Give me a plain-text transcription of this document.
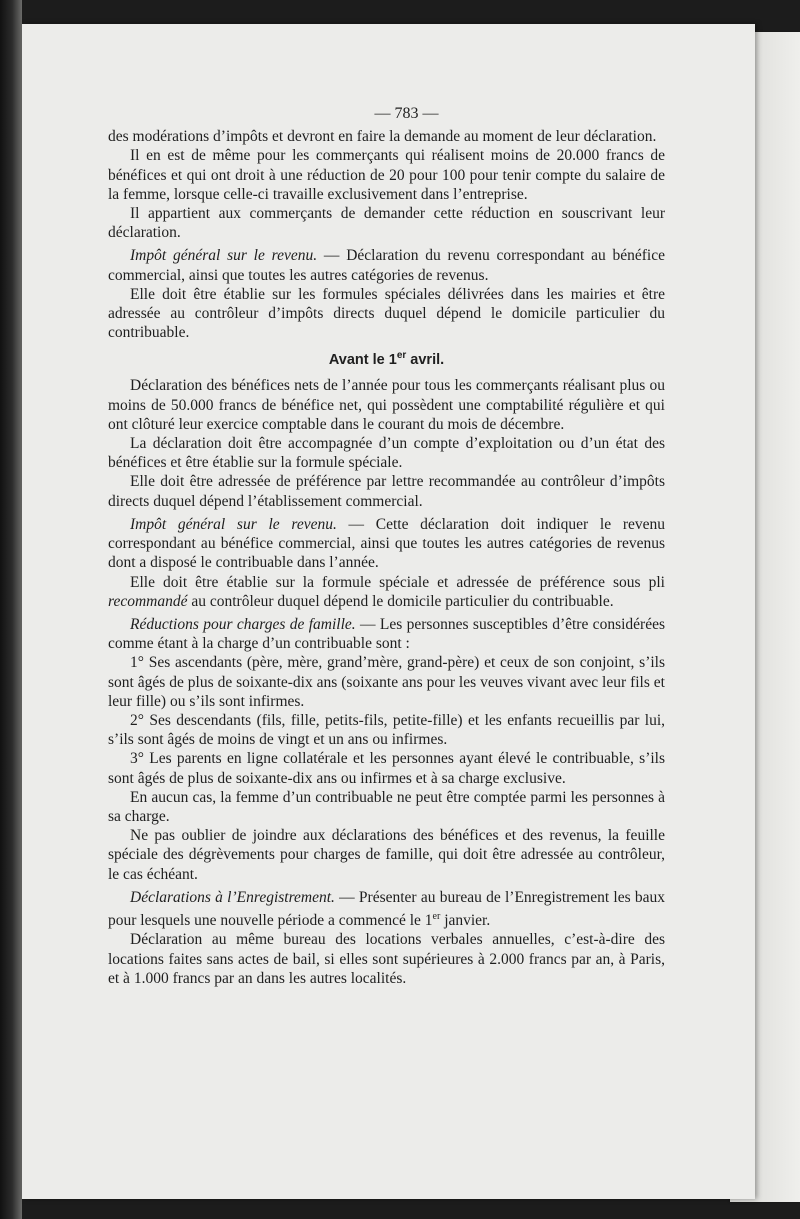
— 783 —

des modérations d’impôts et devront en faire la demande au moment de leur déclaration.

Il en est de même pour les commerçants qui réalisent moins de 20.000 francs de bénéfices et qui ont droit à une réduction de 20 pour 100 pour tenir compte du salaire de la femme, lorsque celle-ci travaille exclusivement dans l’entreprise.

Il appartient aux commerçants de demander cette réduction en souscrivant leur déclaration.

Impôt général sur le revenu. — Déclaration du revenu correspondant au bénéfice commercial, ainsi que toutes les autres catégories de revenus.

Elle doit être établie sur les formules spéciales délivrées dans les mairies et être adressée au contrôleur d’impôts directs duquel dépend le domicile particulier du contribuable.

Avant le 1er avril.

Déclaration des bénéfices nets de l’année pour tous les commerçants réalisant plus ou moins de 50.000 francs de bénéfice net, qui possèdent une comptabilité régulière et qui ont clôturé leur exercice comptable dans le courant du mois de décembre.

La déclaration doit être accompagnée d’un compte d’exploitation ou d’un état des bénéfices et être établie sur la formule spéciale.

Elle doit être adressée de préférence par lettre recommandée au contrôleur d’impôts directs duquel dépend l’établissement commercial.

Impôt général sur le revenu. — Cette déclaration doit indiquer le revenu correspondant au bénéfice commercial, ainsi que toutes les autres catégories de revenus dont a disposé le contribuable dans l’année.

Elle doit être établie sur la formule spéciale et adressée de préférence sous pli recommandé au contrôleur duquel dépend le domicile particulier du contribuable.

Réductions pour charges de famille. — Les personnes susceptibles d’être considérées comme étant à la charge d’un contribuable sont :

1° Ses ascendants (père, mère, grand’mère, grand-père) et ceux de son conjoint, s’ils sont âgés de plus de soixante-dix ans (soixante ans pour les veuves vivant avec leur fils et leur fille) ou s’ils sont infirmes.

2° Ses descendants (fils, fille, petits-fils, petite-fille) et les enfants recueillis par lui, s’ils sont âgés de moins de vingt et un ans ou infirmes.

3° Les parents en ligne collatérale et les personnes ayant élevé le contribuable, s’ils sont âgés de plus de soixante-dix ans ou infirmes et à sa charge exclusive.

En aucun cas, la femme d’un contribuable ne peut être comptée parmi les personnes à sa charge.

Ne pas oublier de joindre aux déclarations des bénéfices et des revenus, la feuille spéciale des dégrèvements pour charges de famille, qui doit être adressée au contrôleur, le cas échéant.

Déclarations à l’Enregistrement. — Présenter au bureau de l’Enregistrement les baux pour lesquels une nouvelle période a commencé le 1er janvier.

Déclaration au même bureau des locations verbales annuelles, c’est-à-dire des locations faites sans actes de bail, si elles sont supérieures à 2.000 francs par an, à Paris, et à 1.000 francs par an dans les autres localités.
